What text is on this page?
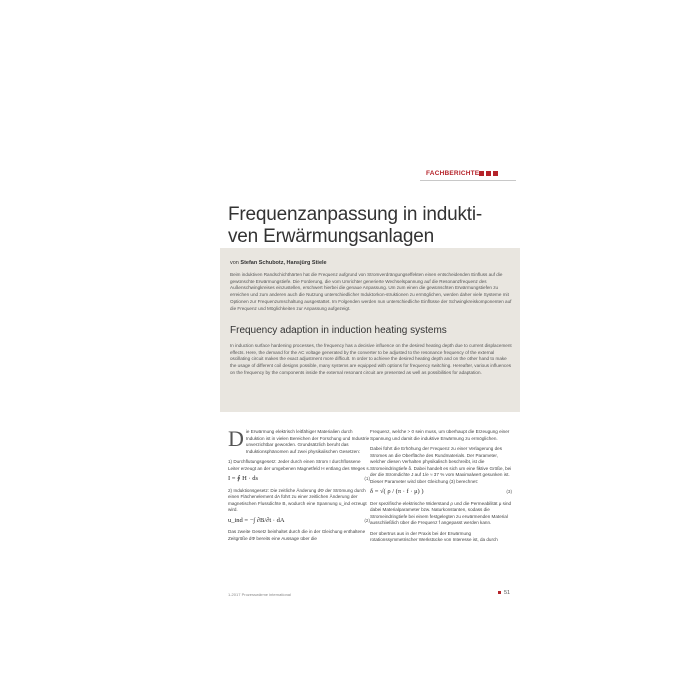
FACHBERICHTE
Frequenzanpassung in indukti-
ven Erwärmungsanlagen
von Stefan Schubotz, Hansjürg Stiele
Beim induktiven Randschichthärten hat die Frequenz aufgrund von Stromverdrängungseffekten einen entscheidenden Einfluss auf die gewünschte Erwärmungstiefe. Die Forderung, die vom Umrichter generierte Wechselspannung auf die Resonanzfrequenz des Außenschwingkreises einzustellen, erschwert hierbei die genaue Anpassung. Um zum einen die gewünschten Erwärmungstiefen zu erreichen und zum anderen auch die Nutzung unterschiedlicher Induktorkon-struktionen zu ermöglichen, werden daher viele Systeme mit Optionen zur Frequenzumschaltung ausgestattet. Im Folgenden werden nun unterschiedliche Einflüsse der Schwingkreiskomponenten auf die Frequenz und Möglichkeiten zur Anpassung aufgezeigt.
Frequency adaption in induction heating systems
In induction surface hardening processes, the frequency has a decisive influence on the desired heating depth due to current displacement effects. Here, the demand for the AC voltage generated by the converter to be adjusted to the resonance frequency of the external oscillating circuit makes the exact adjustment more difficult. In order to achieve the desired heating depth and on the other hand to make the usage of different coil designs possible, many systems are equipped with options for frequency switching. Hereafter, various influences on the frequency by the components inside the external resonant circuit are presented as well as possibilities for adaptation.

Die Erwärmung elektrisch leitfähiger Materialien durch Induktion ist in vielen Bereichen der Forschung und Industrie unverzichtbar geworden. Grundsätzlich beruht das Induktionsphänomen auf zwei physikalischen Gesetzen:

1) Durchflutungsgesetz: Jeder durch einen Strom I durchflossene Leiter erzeugt an der umgebenen Magnetfeld H entlang des Weges s.

I = ∮ H · ds	(1)

2) Induktionsgesetz: Die zeitliche Änderung dΦ der Strömung durch einen Flächenelement dA führt zu einer zeitlichen Änderung der magnetischen Flussdichte B, wodurch eine Spannung u_ind erzeugt wird.

u_ind = −∫ ∂B/∂t · dA	(2)

Das zweite Gesetz beinhaltet durch die in der Gleichung enthaltene Zeitgröße dΦ bereits eine Aussage über die

Frequenz, welche > 0 sein muss, um überhaupt die Erzeugung einer Spannung und damit die induktive Erwärmung zu ermöglichen.

Dabei führt die Erhöhung der Frequenz zu einer Verlagerung des Stromes an die Oberfläche des Rundmaterials. Der Parameter, welcher diesen Verhalten physikalisch beschreibt, ist die Stromeindringtiefe δ. Dabei handelt es sich um eine fiktive Größe, bei der die Stromdichte J auf 1/e ≈ 37 % vom Maximalwert gesunken ist. Dieser Parameter wird über Gleichung (3) berechnet:

δ = √( ρ / (π · f · μ) )	(3)

Der spezifische elektrische Widerstand ρ und die Permeabilität μ sind dabei Materialparameter bzw. Naturkonstanten, sodass die Stromeindringtiefe bei einem festgelegten zu erwärmenden Material ausschließlich über die Frequenz f angepasst werden kann.

Der übertrus aus in der Praxis bei der Erwärmung rotationssymmetrischer Werkstücke von Interesse ist, da durch

1-2017 Prozesswärme international	51
